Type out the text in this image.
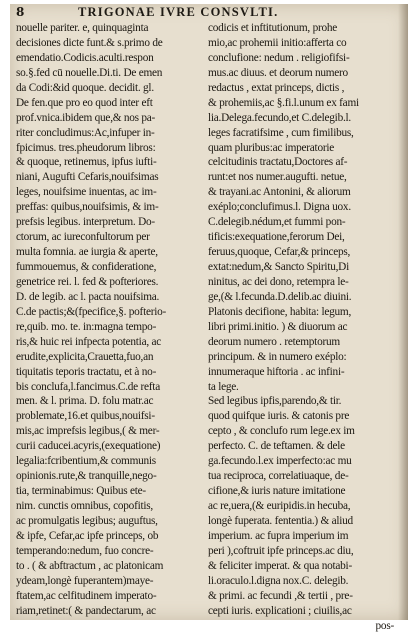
8	TRIGONAE IVRE CONSVLTI.
nouelle pariter. e, quinquaginta
decisiones dicte funt.& s.primo de
emendatio.Codicis.aculti.respon
so.§.fed cū nouelle.Di.ti. De emen
da Codi:&id quoque. decidit. gl.
De fen.que pro eo quod inter eft
prof.vnica.ibidem que,& nos pa-
riter concludimus:Ac,infuper in-
fpicimus. tres.pheudorum libros:
& quoque, retinemus, ipfus iufti-
niani, Augufti Cefaris,nouifsimas
leges, nouifsime inuentas, ac im-
preffas: quibus,nouifsimis, & im-
prefsis legibus. interpretum. Do-
ctorum, ac iureconfultorum per
multa fomnia. ae iurgia & aperte,
fummouemus, & confideratione,
genetrice rei. l. fed & pofteriores.
D. de legib. ac l. pacta nouifsima.
C.de pactis;&(fpecifice,§. pofterio-
re,quib. mo. te. in:magna tempo-
ris,& huic rei infpecta potentia, ac
erudite,explicita,Crauetta,fuo,an
tiquitatis teporis tractatu, et à no-
bis conclufa,l.fancimus.C.de refta
men. & l. prima. D. folu matr.ac
problemate,16.et quibus,nouifsi-
mis,ac imprefsis legibus,( & mer-
curii caducei.acyris,(exequatione)
legalia:fcribentium,& communis
opinionis.rute,& tranquille,nego-
tia, terminabimus: Quibus ete-
nim. cunctis omnibus, copofitis,
ac promulgatis legibus; auguftus,
& ipfe, Cefar,ac ipfe princeps, ob
temperando:nedum, fuo concre-
to . ( & abftractum , ac platonicam
ydeam,longè fuperantem)maye-
ftatem,ac celfitudinem imperato-
riam,retinet:( & pandectarum, ac
codicis et inftitutionum, prohe
mio,ac prohemii initio:afferta co
conclufione: nedum . religiofifsi-
mus.ac diuus. et deorum numero
redactus , extat princeps, dictis ,
& prohemiis,ac §.fi.l.unum ex fami
lia.Delega.fecundo,et C.delegib.l.
leges facratifsime , cum fimilibus,
quam pluribus:ac imperatorie
celcitudinis tractatu,Doctores af-
runt:et nos numer.augufti. netue,
& trayani.ac Antonini, & aliorum
exéplo;conclufimus.l. Digna uox.
C.delegib.nédum,et fummi pon-
tificis:exequatione,ferorum Dei,
feruus,quoque, Cefar,& princeps,
extat:nedum,& Sancto Spiritu,Di
ninitus, ac dei dono, retempra le-
ge,(& l.fecunda.D.delib.ac diuini.
Platonis decifione, habita: legum,
libri primi.initio. ) & diuorum ac
deorum numero . retemptorum
principum. & in numero exéplo:
innumeraque hiftoria . ac infini-
ta lege.
Sed legibus ipfis,parendo,& tir.
quod quifque iuris. & catonis pre
cepto , & conclufo rum lege.ex im
perfecto. C. de teftamen. & dele
ga.fecundo.l.ex imperfecto:ac mu
tua reciproca, correlatiuaque, de-
cifione,& iuris nature imitatione
ac re,uera,(& euripidis.in hecuba,
longè fuperata. fententia.) & aliud
imperium. ac fupra imperium im
peri ),coftruit ipfe princeps.ac diu,
& feliciter imperat. & qua notabi-
li.oraculo.l.digna nox.C. delegib.
& primi. ac fecundi ,& tertii , pre-
cepti iuris. explicationi ; ciuilis,ac
pos-
